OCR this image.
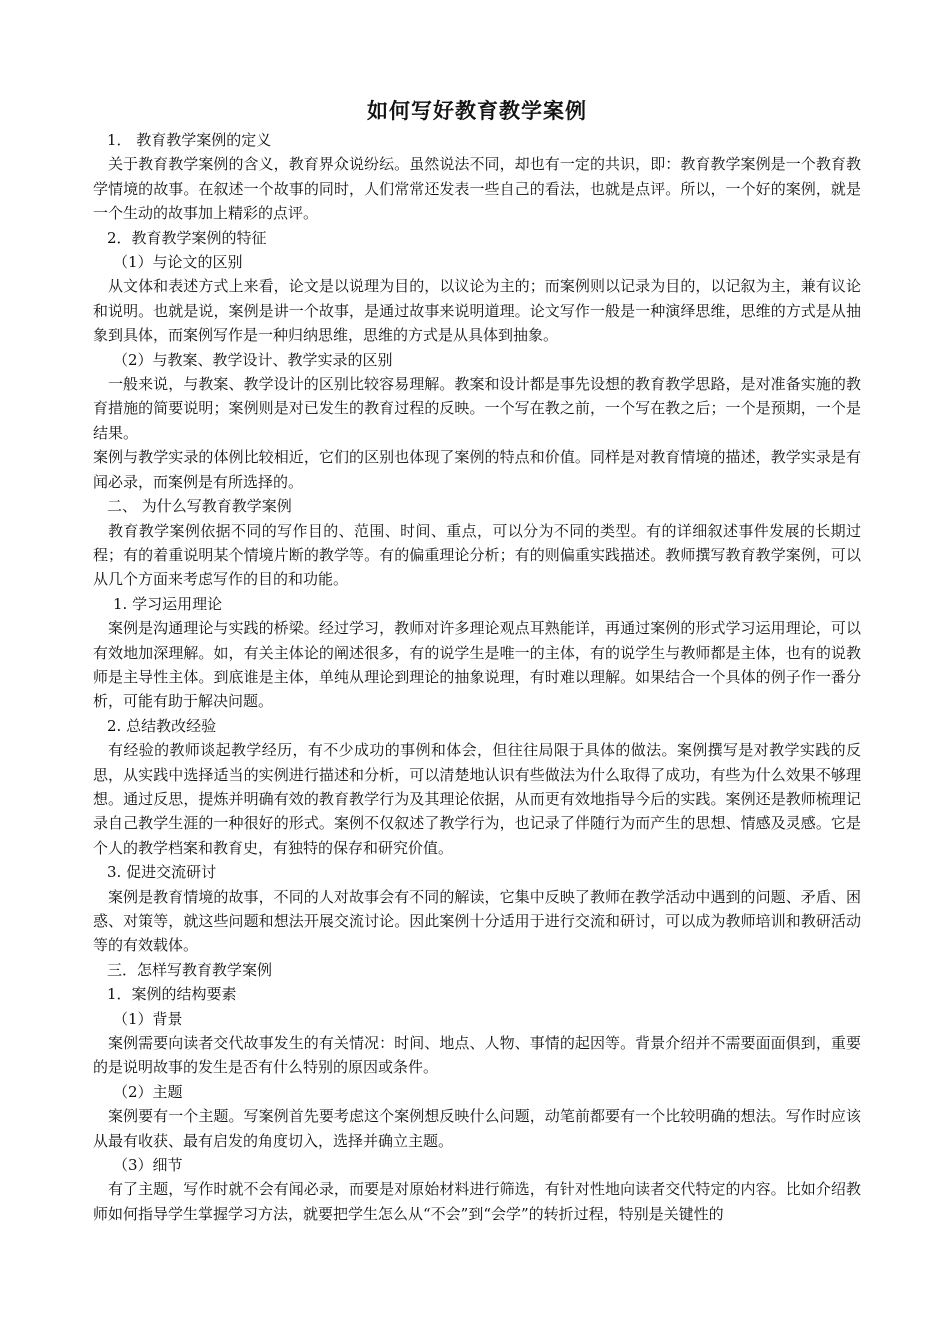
如何写好教育教学案例
1． 教育教学案例的定义
关于教育教学案例的含义，教育界众说纷纭。虽然说法不同，却也有一定的共识，即：教育教学案例是一个教育教学情境的故事。在叙述一个故事的同时，人们常常还发表一些自己的看法，也就是点评。所以，一个好的案例，就是一个生动的故事加上精彩的点评。
2．教育教学案例的特征
（1）与论文的区别
从文体和表述方式上来看，论文是以说理为目的，以议论为主的；而案例则以记录为目的，以记叙为主，兼有议论和说明。也就是说，案例是讲一个故事，是通过故事来说明道理。论文写作一般是一种演绎思维，思维的方式是从抽象到具体，而案例写作是一种归纳思维，思维的方式是从具体到抽象。
（2）与教案、教学设计、教学实录的区别
一般来说，与教案、教学设计的区别比较容易理解。教案和设计都是事先设想的教育教学思路，是对准备实施的教育措施的简要说明；案例则是对已发生的教育过程的反映。一个写在教之前，一个写在教之后；一个是预期，一个是结果。
案例与教学实录的体例比较相近，它们的区别也体现了案例的特点和价值。同样是对教育情境的描述，教学实录是有闻必录，而案例是有所选择的。
二、 为什么写教育教学案例
教育教学案例依据不同的写作目的、范围、时间、重点，可以分为不同的类型。有的详细叙述事件发展的长期过程；有的着重说明某个情境片断的教学等。有的偏重理论分析；有的则偏重实践描述。教师撰写教育教学案例，可以从几个方面来考虑写作的目的和功能。
1. 学习运用理论
案例是沟通理论与实践的桥梁。经过学习，教师对许多理论观点耳熟能详，再通过案例的形式学习运用理论，可以有效地加深理解。如，有关主体论的阐述很多，有的说学生是唯一的主体，有的说学生与教师都是主体，也有的说教师是主导性主体。到底谁是主体，单纯从理论到理论的抽象说理，有时难以理解。如果结合一个具体的例子作一番分析，可能有助于解决问题。
2. 总结教改经验
有经验的教师谈起教学经历，有不少成功的事例和体会，但往往局限于具体的做法。案例撰写是对教学实践的反思，从实践中选择适当的实例进行描述和分析，可以清楚地认识有些做法为什么取得了成功，有些为什么效果不够理想。通过反思，提炼并明确有效的教育教学行为及其理论依据，从而更有效地指导今后的实践。案例还是教师梳理记录自己教学生涯的一种很好的形式。案例不仅叙述了教学行为，也记录了伴随行为而产生的思想、情感及灵感。它是个人的教学档案和教育史，有独特的保存和研究价值。
3. 促进交流研讨
案例是教育情境的故事，不同的人对故事会有不同的解读，它集中反映了教师在教学活动中遇到的问题、矛盾、困惑、对策等，就这些问题和想法开展交流讨论。因此案例十分适用于进行交流和研讨，可以成为教师培训和教研活动等的有效载体。
三．怎样写教育教学案例
1．案例的结构要素
（1）背景
案例需要向读者交代故事发生的有关情况：时间、地点、人物、事情的起因等。背景介绍并不需要面面俱到，重要的是说明故事的发生是否有什么特别的原因或条件。
（2）主题
案例要有一个主题。写案例首先要考虑这个案例想反映什么问题，动笔前都要有一个比较明确的想法。写作时应该从最有收获、最有启发的角度切入，选择并确立主题。
（3）细节
有了主题，写作时就不会有闻必录，而要是对原始材料进行筛选，有针对性地向读者交代特定的内容。比如介绍教师如何指导学生掌握学习方法，就要把学生怎么从“不会”到“会学”的转折过程，特别是关键性的
